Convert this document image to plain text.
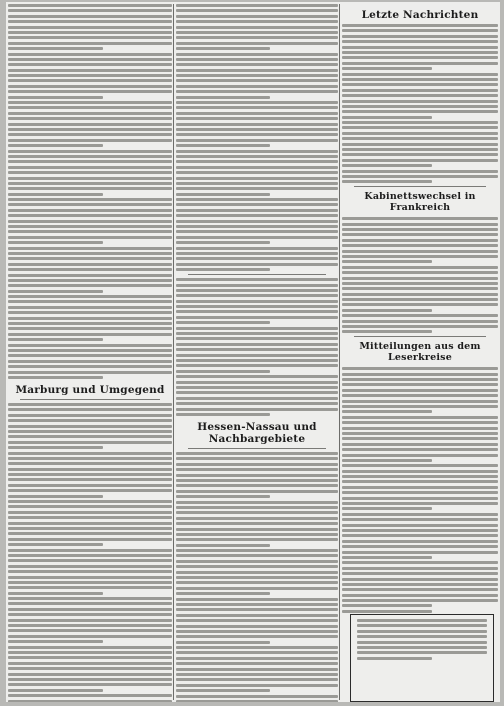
Marburg und Umgegend
Hessen-Nassau und Nachbargebiete
Letzte Nachrichten
Kabinettswechsel in Frankreich
Mitteilungen aus dem Leserkreise
